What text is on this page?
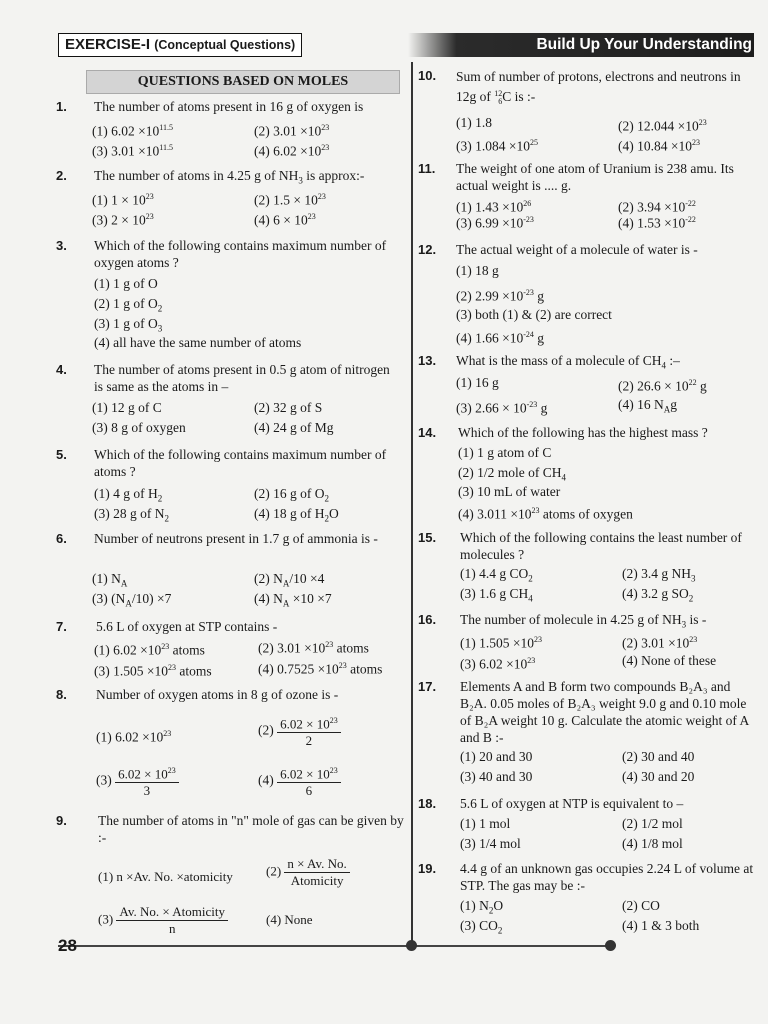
EXERCISE-I (Conceptual Questions)	Build Up Your Understanding
QUESTIONS BASED ON MOLES
28
1. The number of atoms present in 16 g of oxygen is
(1) $6.02 \times 10^{11.5}$	(2) $3.01 \times 10^{23}$
(3) $3.01 \times 10^{11.5}$	(4) $6.02 \times 10^{23}$
2. The number of atoms in 4.25 g of $NH_3$ is approx:-
(1) $1 \times 10^{23}$	(2) $1.5 \times 10^{23}$
(3) $2 \times 10^{23}$	(4) $6 \times 10^{23}$
3. Which of the following contains maximum number of oxygen atoms ?
(1) 1 g of O
(2) 1 g of $O_2$
(3) 1 g of $O_3$
(4) all have the same number of atoms
4. The number of atoms present in 0.5 g atom of nitrogen is same as the atoms in –
(1) 12 g of C	(2) 32 g of S
(3) 8 g of oxygen	(4) 24 g of Mg
5. Which of the following contains maximum number of atoms ?
(1) 4 g of $H_2$	(2) 16 g of $O_2$
(3) 28 g of $N_2$	(4) 18 g of $H_2O$
6. Number of neutrons present in 1.7 g of ammonia is -
(1) $N_A$	(2) $N_A/10 \times 4$
(3) $(N_A/10) \times 7$	(4) $N_A \times 10 \times 7$
7. 5.6 L of oxygen at STP contains -
(1) $6.02 \times 10^{23}$ atoms	(2) $3.01 \times 10^{23}$ atoms
(3) $1.505 \times 10^{23}$ atoms	(4) $0.7525 \times 10^{23}$ atoms
8. Number of oxygen atoms in 8 g of ozone is -
(1) $6.02 \times 10^{23}$	$(2) \frac{6.02 \times 10^{23}}{2}$
$(3) \frac{6.02 \times 10^{23}}{3}$	$(4) \frac{6.02 \times 10^{23}}{6}$
9. The number of atoms in "n" mole of gas can be given by :-
(1) n ×Av. No. ×atomicity	$(2) \frac{n \times Av. No.}{\text{Atomicity}}$
$(3) \frac{\text{Av. No. × Atomicity}}{n}$	(4) None
10. Sum of number of protons, electrons and neutrons in 12g of 12
6 C is :-
(1) 1.8	(2) $12.044 \times 10^{23}$
(3) $1.084 \times 10^{25}$	(4) $10.84 \times 10^{23}$
11. The weight of one atom of Uranium is 238 amu. Its actual weight is .... g.
(1) $1.43 \times 10^{26}$	(2) $3.94 \times 10^{-22}$
(3) $6.99 \times 10^{-23}$	(4) $1.53 \times 10^{-22}$
12. The actual weight of a molecule of water is -
(1) 18 g
(2) $2.99 \times 10^{-23}$ g
(3) both (1) & (2) are correct
(4) $1.66 \times 10^{-24}$ g
13. What is the mass of a molecule of $CH_4$ :–
(1) 16 g	(2) $26.6 \times 10^{22}$ g
(3) $2.66 \times 10^{-23}$ g	(4) 16 $N_Ag$
14. Which of the following has the highest mass ?
(1) 1 g atom of C
(2) 1/2 mole of $CH_4$
(3) 10 mL of water
(4) $3.011 \times 10^{23}$ atoms of oxygen
15. Which of the following contains the least number of molecules ?
(1) 4.4 g $CO_2$	(2) 3.4 g $NH_3$
(3) 1.6 g $CH_4$	(4) 3.2 g $SO_2$
16. The number of molecule in 4.25 g of $NH_3$ is -
(1) $1.505 \times 10^{23}$	(2) $3.01 \times 10^{23}$
(3) $6.02 \times 10^{23}$	(4) None of these
17. Elements A and B form two compounds B₂A₃ and B₂A. 0.05 moles of B₂A₃ weight 9.0 g and 0.10 mole of B₂A weight 10 g. Calculate the atomic weight of A and B :-
(1) 20 and 30	(2) 30 and 40
(3) 40 and 30	(4) 30 and 20
18. 5.6 L of oxygen at NTP is equivalent to –
(1) 1 mol	(2) 1/2 mol
(3) 1/4 mol	(4) 1/8 mol
19. 4.4 g of an unknown gas occupies 2.24 L of volume at STP. The gas may be :-
(1) $N_2O$	(2) CO
(3) $CO_2$	(4) 1 & 3 both
